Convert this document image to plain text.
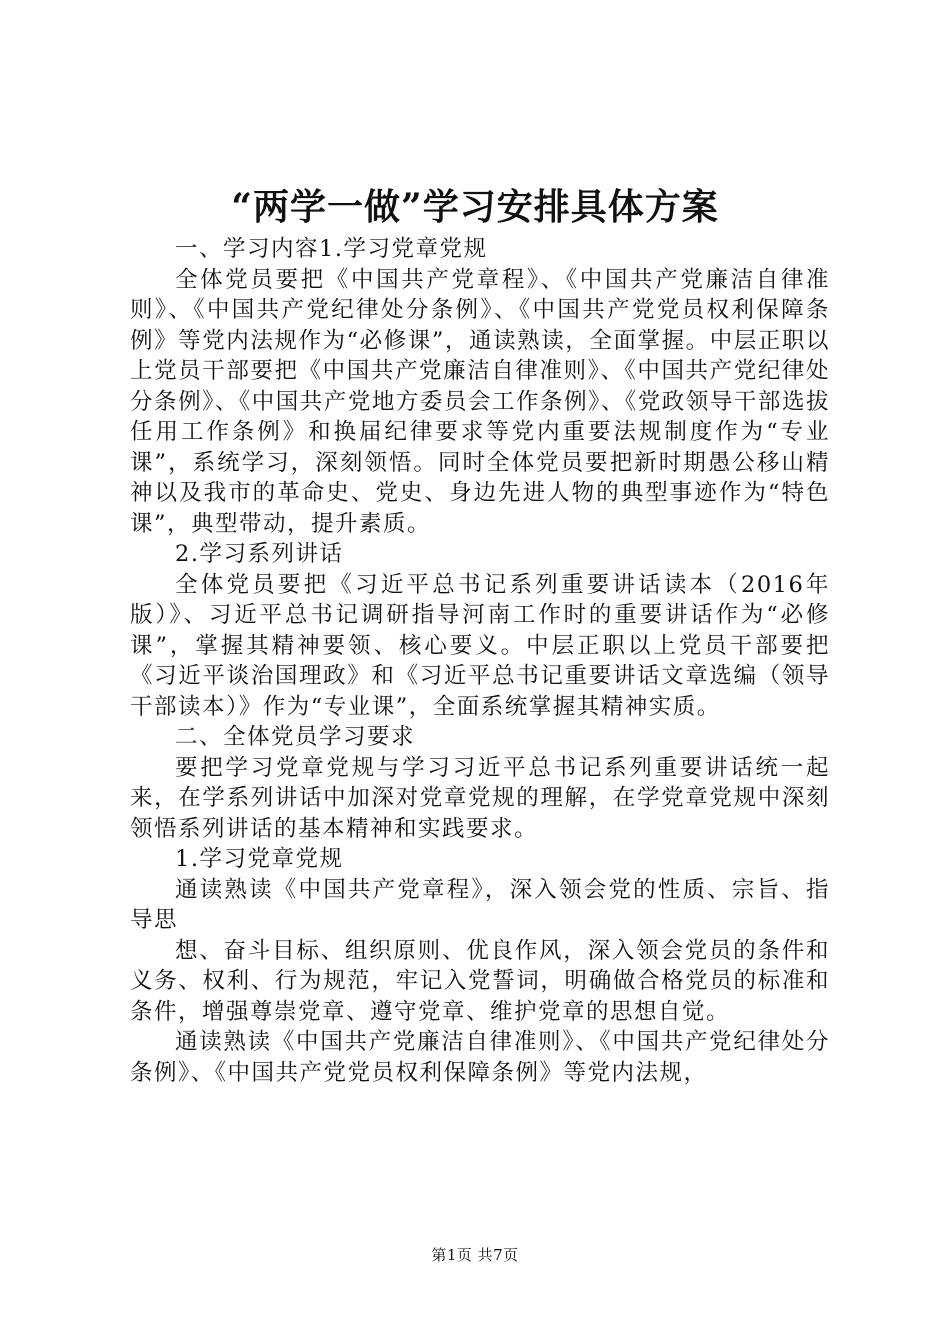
“两学一做”学习安排具体方案

一、学习内容1.学习党章党规

全体党员要把《中国共产党章程》、《中国共产党廉洁自律准则》、《中国共产党纪律处分条例》、《中国共产党党员权利保障条例》等党内法规作为“必修课”，通读熟读，全面掌握。中层正职以上党员干部要把《中国共产党廉洁自律准则》、《中国共产党纪律处分条例》、《中国共产党地方委员会工作条例》、《党政领导干部选拔任用工作条例》和换届纪律要求等党内重要法规制度作为“专业课”，系统学习，深刻领悟。同时全体党员要把新时期愚公移山精神以及我市的革命史、党史、身边先进人物的典型事迹作为“特色课”，典型带动，提升素质。

2.学习系列讲话

全体党员要把《习近平总书记系列重要讲话读本（2016年版）》、习近平总书记调研指导河南工作时的重要讲话作为“必修课”，掌握其精神要领、核心要义。中层正职以上党员干部要把《习近平谈治国理政》和《习近平总书记重要讲话文章选编（领导干部读本）》作为“专业课”，全面系统掌握其精神实质。

二、全体党员学习要求

要把学习党章党规与学习习近平总书记系列重要讲话统一起来，在学系列讲话中加深对党章党规的理解，在学党章党规中深刻领悟系列讲话的基本精神和实践要求。

1.学习党章党规

通读熟读《中国共产党章程》，深入领会党的性质、宗旨、指导思

想、奋斗目标、组织原则、优良作风，深入领会党员的条件和义务、权利、行为规范，牢记入党誓词，明确做合格党员的标准和条件，增强尊崇党章、遵守党章、维护党章的思想自觉。

通读熟读《中国共产党廉洁自律准则》、《中国共产党纪律处分条例》、《中国共产党党员权利保障条例》等党内法规，

第1页 共7页
